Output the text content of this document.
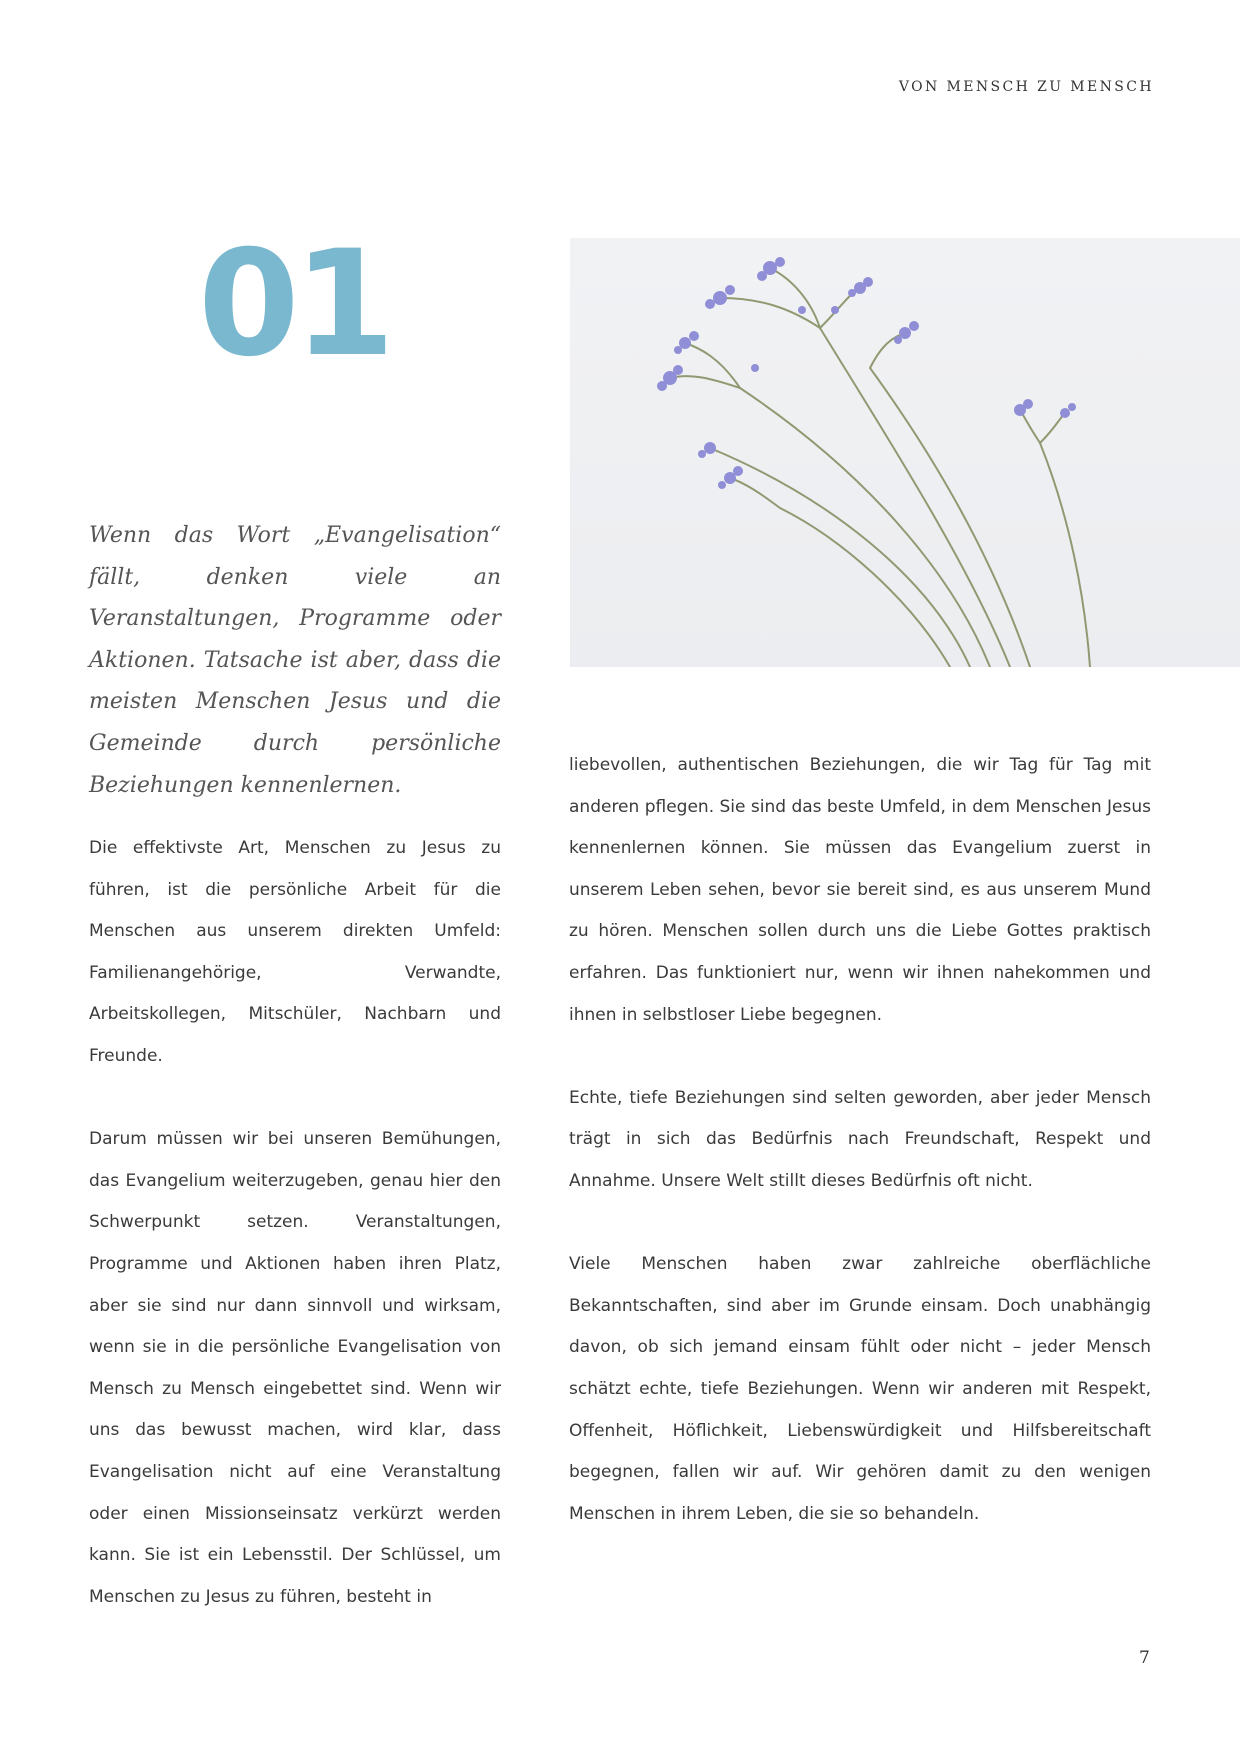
VON MENSCH ZU MENSCH
01

Wenn das Wort „Evangelisation“ fällt, denken viele an Veranstaltungen, Programme oder Aktionen. Tatsache ist aber, dass die meisten Menschen Jesus und die Gemeinde durch persönliche Beziehungen kennenlernen.

Die effektivste Art, Menschen zu Jesus zu führen, ist die persönliche Arbeit für die Menschen aus unserem direkten Umfeld: Familienangehörige, Verwandte, Arbeitskollegen, Mitschüler, Nachbarn und Freunde.

Darum müssen wir bei unseren Bemühungen, das Evangelium weiterzugeben, genau hier den Schwerpunkt setzen. Veranstaltungen, Programme und Aktionen haben ihren Platz, aber sie sind nur dann sinnvoll und wirksam, wenn sie in die persönliche Evangelisation von Mensch zu Mensch eingebettet sind. Wenn wir uns das bewusst machen, wird klar, dass Evangelisation nicht auf eine Veranstaltung oder einen Missionseinsatz verkürzt werden kann. Sie ist ein Lebensstil. Der Schlüssel, um Menschen zu Jesus zu führen, besteht in

liebevollen, authentischen Beziehungen, die wir Tag für Tag mit anderen pflegen. Sie sind das beste Umfeld, in dem Menschen Jesus kennenlernen können. Sie müssen das Evangelium zuerst in unserem Leben sehen, bevor sie bereit sind, es aus unserem Mund zu hören. Menschen sollen durch uns die Liebe Gottes praktisch erfahren. Das funktioniert nur, wenn wir ihnen nahekommen und ihnen in selbstloser Liebe begegnen.

Echte, tiefe Beziehungen sind selten geworden, aber jeder Mensch trägt in sich das Bedürfnis nach Freundschaft, Respekt und Annahme. Unsere Welt stillt dieses Bedürfnis oft nicht.

Viele Menschen haben zwar zahlreiche oberflächliche Bekanntschaften, sind aber im Grunde einsam. Doch unabhängig davon, ob sich jemand einsam fühlt oder nicht – jeder Mensch schätzt echte, tiefe Beziehungen. Wenn wir anderen mit Respekt, Offenheit, Höflichkeit, Liebenswürdigkeit und Hilfsbereitschaft begegnen, fallen wir auf. Wir gehören damit zu den wenigen Menschen in ihrem Leben, die sie so behandeln.

7
